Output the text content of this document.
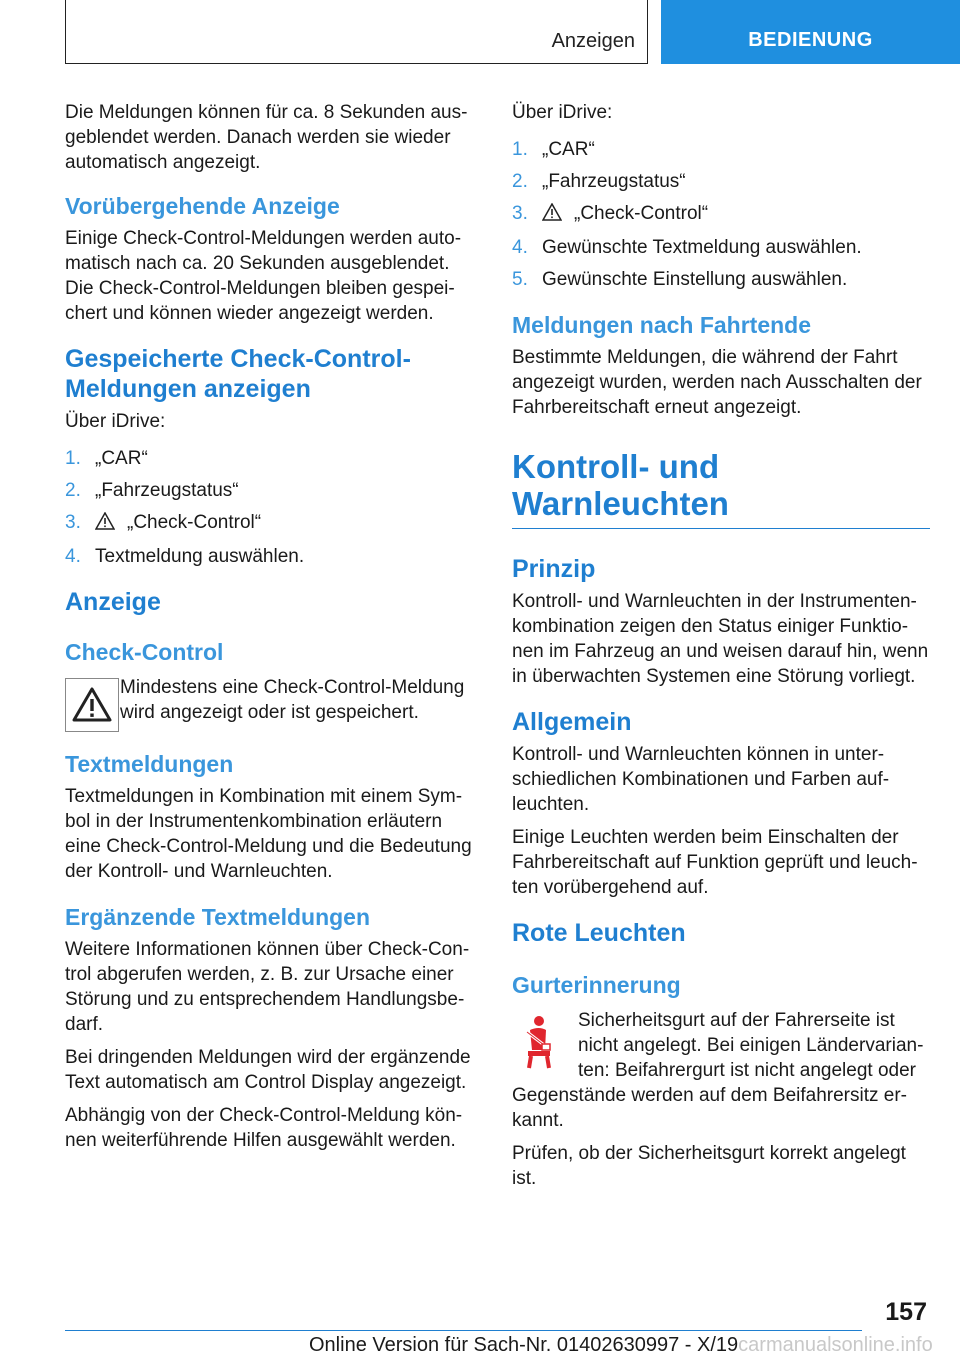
Anzeigen	BEDIENUNG

Die Meldungen können für ca. 8 Sekunden ausgeblendet werden. Danach werden sie wieder automatisch angezeigt.

Vorübergehende Anzeige

Einige Check-Control-Meldungen werden automatisch nach ca. 20 Sekunden ausgeblendet. Die Check-Control-Meldungen bleiben gespeichert und können wieder angezeigt werden.

Gespeicherte Check-Control-
Meldungen anzeigen

Über iDrive:

1. „CAR“
2. „Fahrzeugstatus“
3. „Check-Control“
4. Textmeldung auswählen.
Anzeige
Check-Control
Mindestens eine Check-Control-Meldung wird angezeigt oder ist gespeichert.
Textmeldungen

Textmeldungen in Kombination mit einem Symbol in der Instrumentenkombination erläutern eine Check-Control-Meldung und die Bedeutung der Kontroll- und Warnleuchten.

Ergänzende Textmeldungen

Weitere Informationen können über Check-Control abgerufen werden, z. B. zur Ursache einer Störung und zu entsprechendem Handlungsbedarf.

Bei dringenden Meldungen wird der ergänzende Text automatisch am Control Display angezeigt.

Abhängig von der Check-Control-Meldung können weiterführende Hilfen ausgewählt werden.

Über iDrive:

1. „CAR“
2. „Fahrzeugstatus“
3. „Check-Control“
4. Gewünschte Textmeldung auswählen.
5. Gewünschte Einstellung auswählen.
Meldungen nach Fahrtende

Bestimmte Meldungen, die während der Fahrt angezeigt wurden, werden nach Ausschalten der Fahrbereitschaft erneut angezeigt.

Kontroll- und
Warnleuchten
Prinzip

Kontroll- und Warnleuchten in der Instrumentenkombination zeigen den Status einiger Funktionen im Fahrzeug an und weisen darauf hin, wenn in überwachten Systemen eine Störung vorliegt.

Allgemein

Kontroll- und Warnleuchten können in unterschiedlichen Kombinationen und Farben aufleuchten.

Einige Leuchten werden beim Einschalten der Fahrbereitschaft auf Funktion geprüft und leuchten vorübergehend auf.

Rote Leuchten
Gurterinnerung
Sicherheitsgurt auf der Fahrerseite ist nicht angelegt. Bei einigen Ländervarianten: Beifahrergurt ist nicht angelegt oder Gegenstände werden auf dem Beifahrersitz erkannt.

Prüfen, ob der Sicherheitsgurt korrekt angelegt ist.

157
Online Version für Sach-Nr. 01402630997 - X/19carmanualsonline.info
